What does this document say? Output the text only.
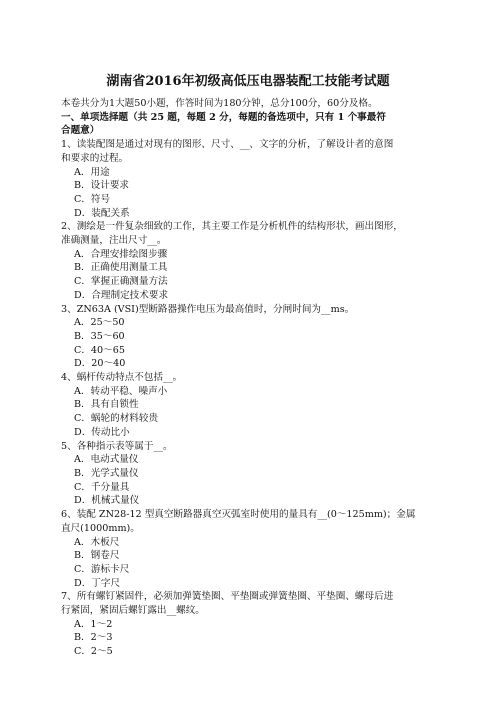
湖南省2016年初级高低压电器装配工技能考试题
本卷共分为1大题50小题，作答时间为180分钟，总分100分，60分及格。
一、单项选择题（共 25 题，每题 2 分，每题的备选项中，只有 1 个事最符
合题意）
1、读装配图是通过对现有的图形、尺寸、__、文字的分析，了解设计者的意图
和要求的过程。
A．用途
B．设计要求
C．符号
D．装配关系
2、测绘是一件复杂细致的工作，其主要工作是分析机件的结构形状，画出图形，
准确测量，注出尺寸__。
A．合理安排绘图步骤
B．正确使用测量工具
C．掌握正确测量方法
D．合理制定技术要求
3、ZN63A (VSI)型断路器操作电压为最高值时，分闸时间为__ms。
A．25～50
B．35～60
C．40～65
D．20～40
4、蜗杆传动特点不包括__。
A．转动平稳、噪声小
B．具有自锁性
C．蜗轮的材料较贵
D．传动比小
5、各种指示表等属于__。
A．电动式量仪
B．光学式量仪
C．千分量具
D．机械式量仪
6、装配 ZN28-12 型真空断路器真空灭弧室时使用的量具有__(0～125mm)；金属
直尺(1000mm)。
A．木板尺
B．钢卷尺
C．游标卡尺
D．丁字尺
7、所有螺钉紧固件，必须加弹簧垫圈、平垫圈或弹簧垫圈、平垫圈、螺母后进
行紧固，紧固后螺钉露出__螺纹。
A．1～2
B．2～3
C．2～5
